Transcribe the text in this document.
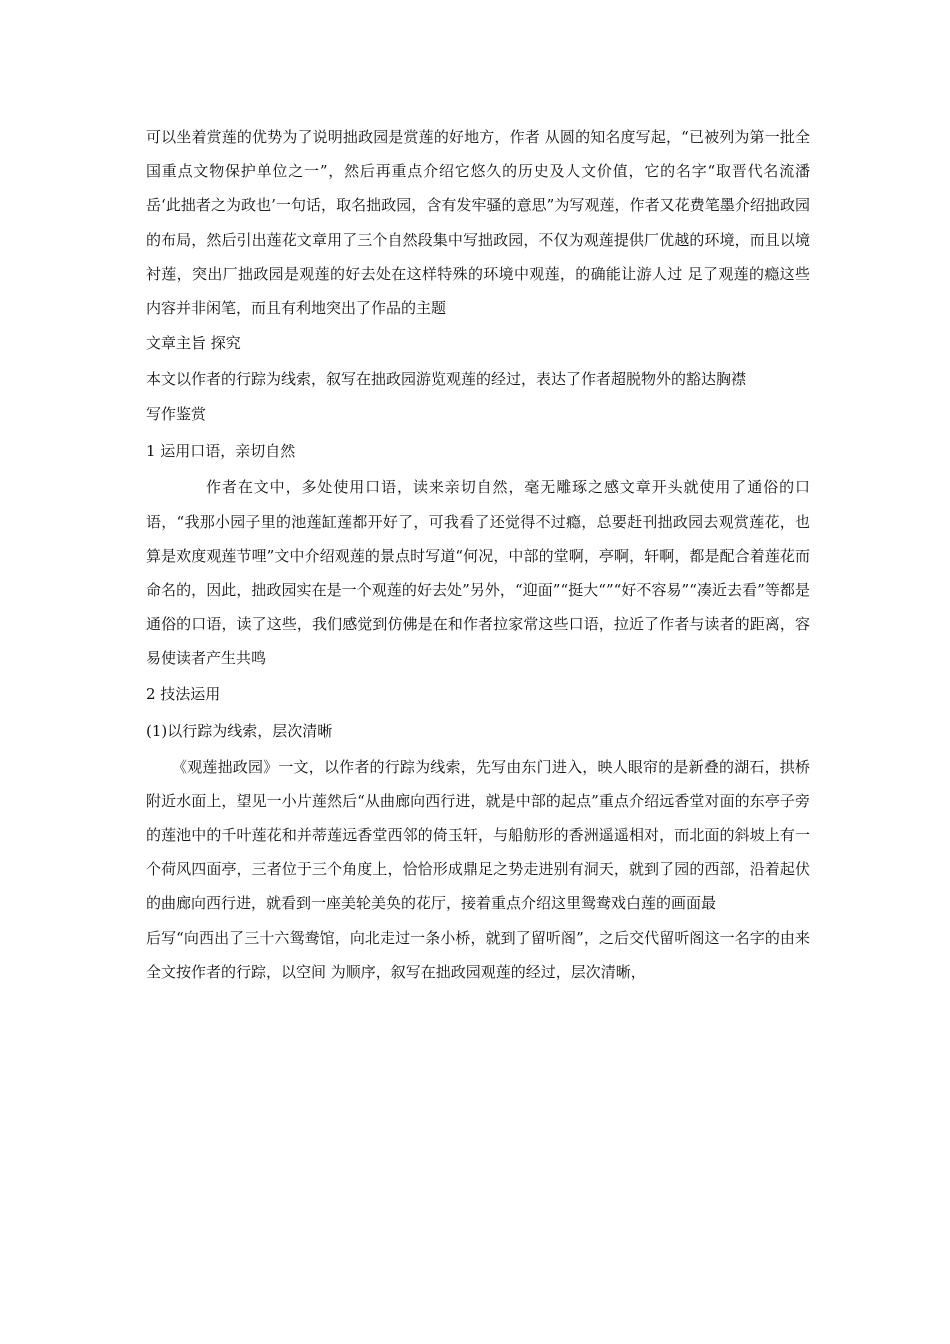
可以坐着赏莲的优势为了说明拙政园是赏莲的好地方，作者 从圆的知名度写起，“已被列为第一批全国重点文物保护单位之一”，然后再重点介绍它悠久的历史及人文价值，它的名字“取晋代名流潘岳‘此拙者之为政也’一句话，取名拙政园，含有发牢骚的意思”为写观莲，作者又花费笔墨介绍拙政园的布局，然后引出莲花文章用了三个自然段集中写拙政园，不仅为观莲提供厂优越的环境，而且以境衬莲，突出厂拙政园是观莲的好去处在这样特殊的环境中观莲，的确能让游人过 足了观莲的瘾这些内容并非闲笔，而且有利地突出了作品的主题

文章主旨 探究

本文以作者的行踪为线索，叙写在拙政园游览观莲的经过，表达了作者超脱物外的豁达胸襟

写作鉴赏

1 运用口语，亲切自然

作者在文中，多处使用口语，读来亲切自然，毫无雕琢之感文章开头就使用了通俗的口语，“我那小园子里的池莲缸莲都开好了，可我看了还觉得不过瘾，总要赶刊拙政园去观赏莲花，也算是欢度观莲节哩”文中介绍观莲的景点时写道“何况，中部的堂啊，亭啊，轩啊，都是配合着莲花而命名的，因此，拙政园实在是一个观莲的好去处”另外，“迎面”“挺大“”“好不容易”“凑近去看”等都是通俗的口语，读了这些，我们感觉到仿佛是在和作者拉家常这些口语，拉近了作者与读者的距离，容易使读者产生共鸣

2 技法运用

(1)以行踪为线索，层次清晰

《观莲拙政园》一文，以作者的行踪为线索，先写由东门进入，映人眼帘的是新叠的湖石，拱桥附近水面上，望见一小片莲然后“从曲廊向西行进，就是中部的起点”重点介绍远香堂对面的东亭子旁的莲池中的千叶莲花和并蒂莲远香堂西邻的倚玉轩，与船舫形的香洲遥遥相对，而北面的斜坡上有一个荷风四面亭，三者位于三个角度上，恰恰形成鼎足之势走进别有洞天，就到了园的西部，沿着起伏的曲廊向西行进，就看到一座美轮美奂的花厅，接着重点介绍这里鸳鸯戏白莲的画面最

后写“向西出了三十六鸳鸯馆，向北走过一条小桥，就到了留听阁”，之后交代留听阁这一名字的由来全文按作者的行踪，以空间 为顺序，叙写在拙政园观莲的经过，层次清晰，
